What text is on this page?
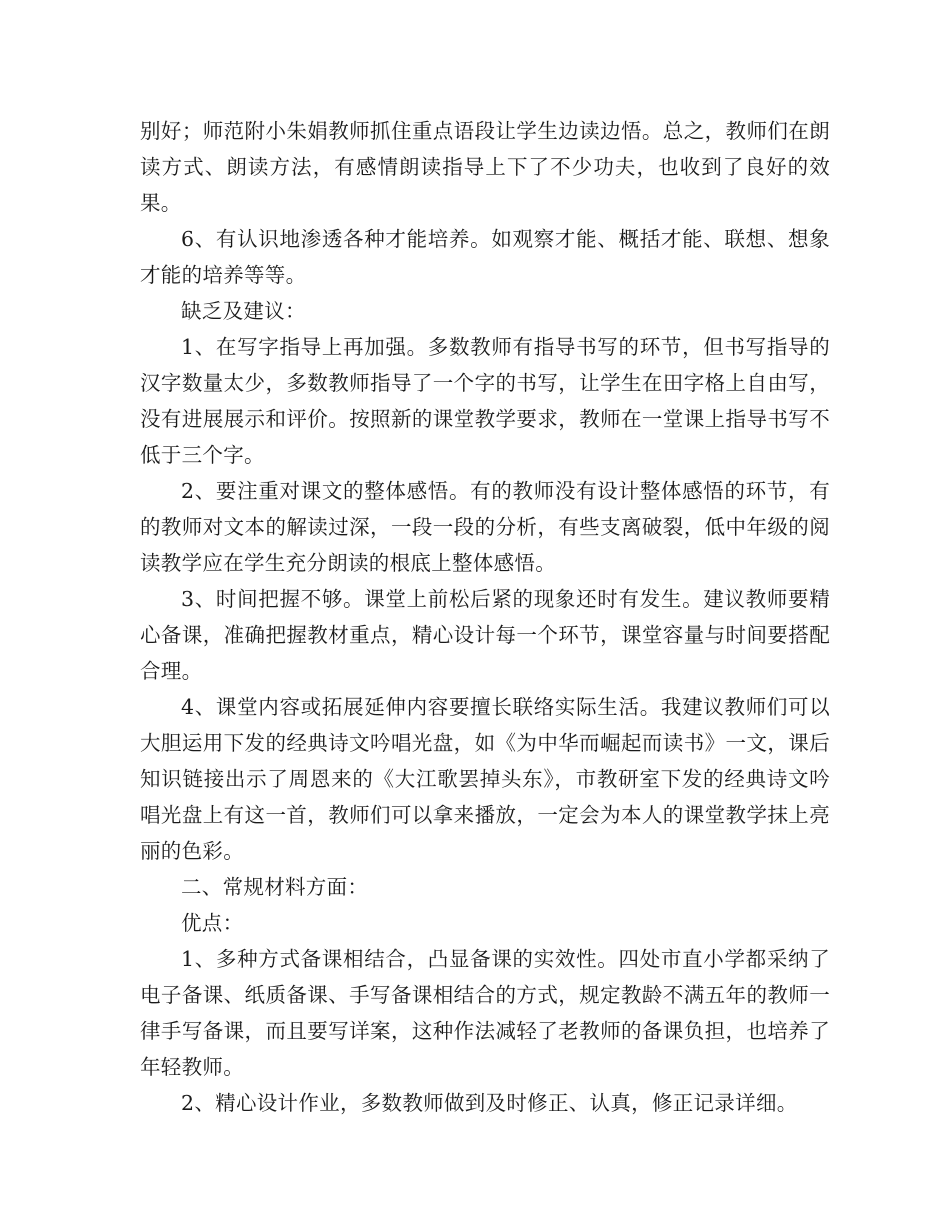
别好；师范附小朱娟教师抓住重点语段让学生边读边悟。总之，教师们在朗读方式、朗读方法，有感情朗读指导上下了不少功夫，也收到了良好的效果。

6、有认识地渗透各种才能培养。如观察才能、概括才能、联想、想象才能的培养等等。

缺乏及建议：

1、在写字指导上再加强。多数教师有指导书写的环节，但书写指导的汉字数量太少，多数教师指导了一个字的书写，让学生在田字格上自由写，没有进展展示和评价。按照新的课堂教学要求，教师在一堂课上指导书写不低于三个字。

2、要注重对课文的整体感悟。有的教师没有设计整体感悟的环节，有的教师对文本的解读过深，一段一段的分析，有些支离破裂，低中年级的阅读教学应在学生充分朗读的根底上整体感悟。

3、时间把握不够。课堂上前松后紧的现象还时有发生。建议教师要精心备课，准确把握教材重点，精心设计每一个环节，课堂容量与时间要搭配合理。

4、课堂内容或拓展延伸内容要擅长联络实际生活。我建议教师们可以大胆运用下发的经典诗文吟唱光盘，如《为中华而崛起而读书》一文，课后知识链接出示了周恩来的《大江歌罢掉头东》，市教研室下发的经典诗文吟唱光盘上有这一首，教师们可以拿来播放，一定会为本人的课堂教学抹上亮丽的色彩。

二、常规材料方面：

优点：

1、多种方式备课相结合，凸显备课的实效性。四处市直小学都采纳了电子备课、纸质备课、手写备课相结合的方式，规定教龄不满五年的教师一律手写备课，而且要写详案，这种作法减轻了老教师的备课负担，也培养了年轻教师。

2、精心设计作业，多数教师做到及时修正、认真，修正记录详细。
